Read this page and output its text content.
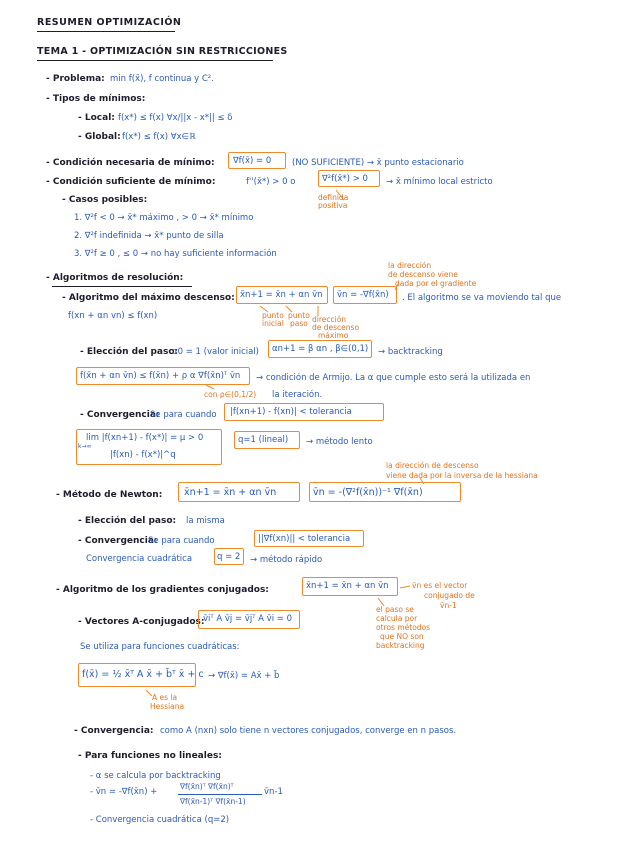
RESUMEN OPTIMIZACIÓN
TEMA 1 - OPTIMIZACIÓN SIN RESTRICCIONES
- Problema: min f(x̄), f continua y C².
- Tipos de mínimos:
- Local: f(x*) ≤ f(x) ∀x/||x - x*|| ≤ δ
- Global: f(x*) ≤ f(x) ∀x∈ℝ
- Condición necesaria de mínimo: ∇f(x̄) = 0 (NO SUFICIENTE) → x̄ punto estacionario
- Condición suficiente de mínimo:	f''(x̄*) > 0 o	∇²f(x̄*) > 0 → x̄ mínimo local estricto
definida positiva
- Casos posibles:
1. ∇²f < 0 → x̄* máximo , > 0 → x̄* mínimo
2. ∇²f indefinida → x̄* punto de silla
3. ∇²f ≥ 0 , ≤ 0 → no hay suficiente información
- Algoritmos de resolución:
la dirección
de descenso viene
dada por el gradiente
- Algoritmo del máximo descenso: x̄n+1 = x̄n + αn v̄n v̄n = -∇f(x̄n) . El algoritmo se va moviendo tal que
f(xn + αn vn) ≤ f(xn)	punto
inicial
punto
paso dirección
de descenso
máximo
- Elección del paso:
α0 = 1 (valor inicial) αn+1 = β αn , β∈(0,1) → backtracking
f(x̄n + αn v̄n) ≤ f(x̄n) + ρ α ∇f(x̄n)ᵀ v̄n → condición de Armijo. La α que cumple esto será la utilizada en
la iteración.
con ρ∈(0,1/2)
- Convergencia:
Se para cuando |f(xn+1) - f(xn)| < tolerancia
lim |f(xn+1) - f(x*)| = μ > 0
k→∞
|f(xn) - f(x*)|^q
q=1 (lineal) → método lento
la dirección de descenso
viene dada por la inversa de la hessiana
- Método de Newton: x̄n+1 = x̄n + αn v̄n	v̄n = -(∇²f(x̄n))⁻¹ ∇f(x̄n)
- Elección del paso: la misma
- Convergencia:
Se para cuando	||∇f(xn)|| < tolerancia
Convergencia cuadrática	q = 2 → método rápido
- Algoritmo de los gradientes conjugados:	x̄n+1 = x̄n + αn v̄n	v̄n es el vector
conjugado de
v̄n-1
el paso se
calcula por
otros métodos
que NO son
backtracking
- Vectores A-conjugados:
v̄iᵀ A v̄j = v̄jᵀ A v̄i = 0
Se utiliza para funciones cuadráticas:
f(x̄) = ½ x̄ᵀ A x̄ + b̄ᵀ x̄ + c → ∇f(x̄) = Ax̄ + b̄
A es la
Hessiana
- Convergencia: como A (nxn) solo tiene n vectores conjugados, converge en n pasos.
- Para funciones no lineales:
- α se calcula por backtracking
- v̄n = -∇f(x̄n) +
∇f(x̄n)ᵀ ∇f(x̄n)ᵀ
∇f(x̄n-1)ᵀ ∇f(x̄n-1)
v̄n-1
- Convergencia cuadrática (q=2)
